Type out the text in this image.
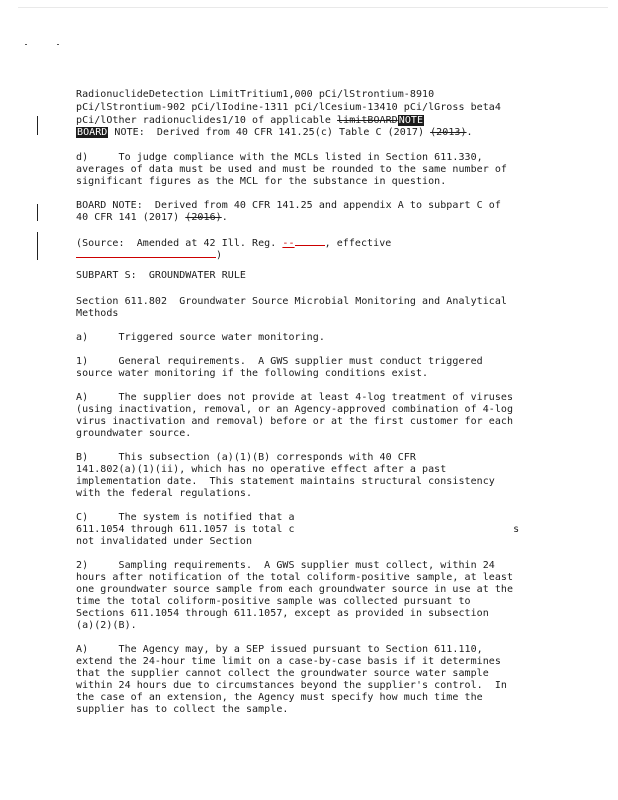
RadionuclideDetection LimitTritium1,000 pCi/lStrontium-8910
pCi/lStrontium-902 pCi/lIodine-1311 pCi/lCesium-13410 pCi/lGross beta4
pCi/lOther radionuclides1/10 of applicable limitBOARDNOTE
BOARD NOTE:  Derived from 40 CFR 141.25(c) Table C (2017) (2013).
d)     To judge compliance with the MCLs listed in Section 611.330,
averages of data must be used and must be rounded to the same number of
significant figures as the MCL for the substance in question.
BOARD NOTE:  Derived from 40 CFR 141.25 and appendix A to subpart C of
40 CFR 141 (2017) (2016).
(Source:  Amended at 42 Ill. Reg. --	, effective
)
SUBPART S:  GROUNDWATER RULE
Section 611.802  Groundwater Source Microbial Monitoring and Analytical
Methods
a)     Triggered source water monitoring.
1)     General requirements.  A GWS supplier must conduct triggered
source water monitoring if the following conditions exist.
A)     The supplier does not provide at least 4-log treatment of viruses
(using inactivation, removal, or an Agency-approved combination of 4-log
virus inactivation and removal) before or at the first customer for each
groundwater source.
B)     This subsection (a)(1)(B) corresponds with 40 CFR
141.802(a)(1)(ii), which has no operative effect after a past
implementation date.  This statement maintains structural consistency
with the federal regulations.
C)     The system is notified that a
611.1054 through 611.1057 is total c                                    s
not invalidated under Section
2)     Sampling requirements.  A GWS supplier must collect, within 24
hours after notification of the total coliform-positive sample, at least
one groundwater source sample from each groundwater source in use at the
time the total coliform-positive sample was collected pursuant to
Sections 611.1054 through 611.1057, except as provided in subsection
(a)(2)(B).
A)     The Agency may, by a SEP issued pursuant to Section 611.110,
extend the 24-hour time limit on a case-by-case basis if it determines
that the supplier cannot collect the groundwater source water sample
within 24 hours due to circumstances beyond the supplier's control.  In
the case of an extension, the Agency must specify how much time the
supplier has to collect the sample.
